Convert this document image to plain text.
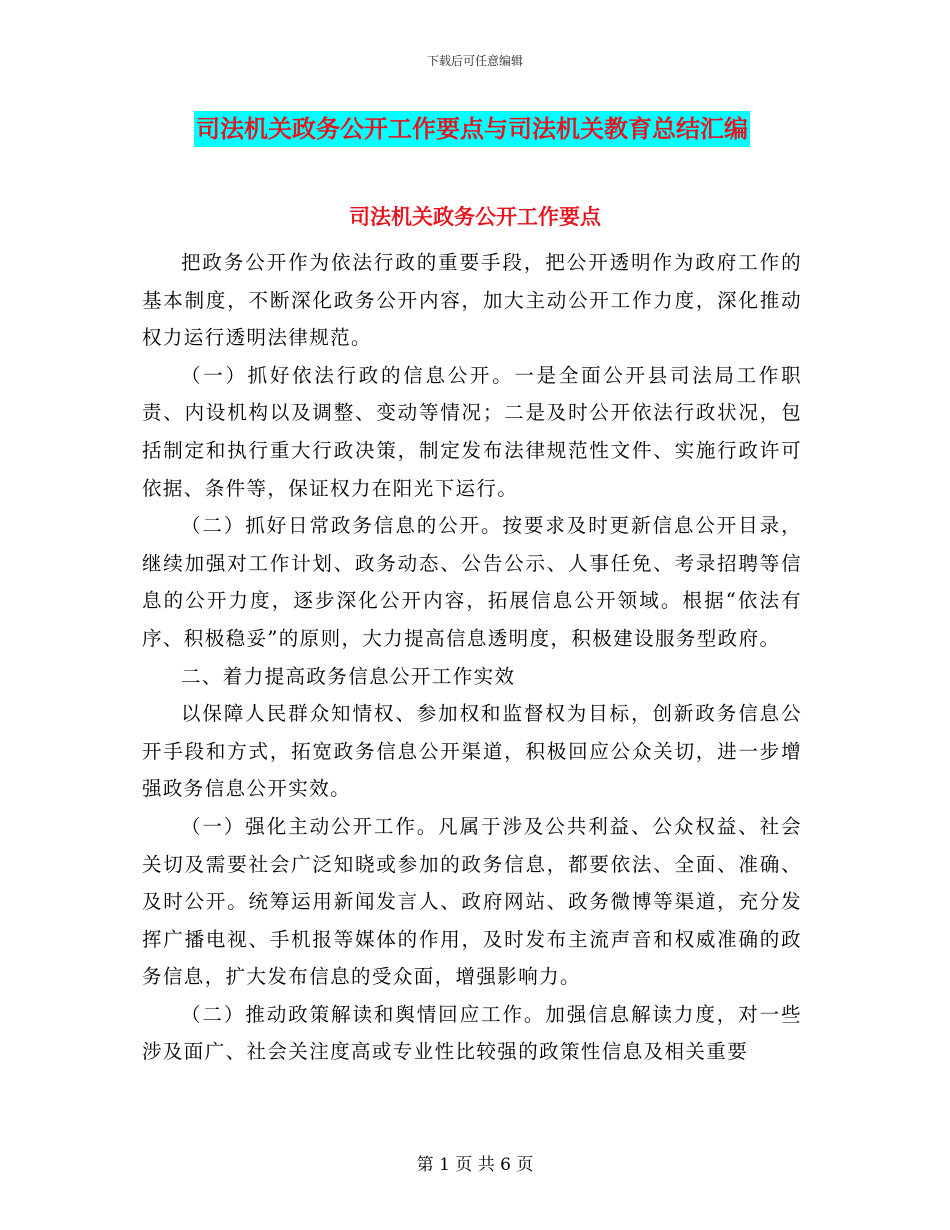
下载后可任意编辑
司法机关政务公开工作要点与司法机关教育总结汇编
司法机关政务公开工作要点

把政务公开作为依法行政的重要手段，把公开透明作为政府工作的基本制度，不断深化政务公开内容，加大主动公开工作力度，深化推动权力运行透明法律规范。

（一）抓好依法行政的信息公开。一是全面公开县司法局工作职责、内设机构以及调整、变动等情况；二是及时公开依法行政状况，包括制定和执行重大行政决策，制定发布法律规范性文件、实施行政许可依据、条件等，保证权力在阳光下运行。

（二）抓好日常政务信息的公开。按要求及时更新信息公开目录，继续加强对工作计划、政务动态、公告公示、人事任免、考录招聘等信息的公开力度，逐步深化公开内容，拓展信息公开领域。根据“依法有序、积极稳妥”的原则，大力提高信息透明度，积极建设服务型政府。

二、着力提高政务信息公开工作实效

以保障人民群众知情权、参加权和监督权为目标，创新政务信息公开手段和方式，拓宽政务信息公开渠道，积极回应公众关切，进一步增强政务信息公开实效。

（一）强化主动公开工作。凡属于涉及公共利益、公众权益、社会关切及需要社会广泛知晓或参加的政务信息，都要依法、全面、准确、及时公开。统筹运用新闻发言人、政府网站、政务微博等渠道，充分发挥广播电视、手机报等媒体的作用，及时发布主流声音和权威准确的政务信息，扩大发布信息的受众面，增强影响力。

（二）推动政策解读和舆情回应工作。加强信息解读力度，对一些涉及面广、社会关注度高或专业性比较强的政策性信息及相关重要

第 1 页 共 6 页
